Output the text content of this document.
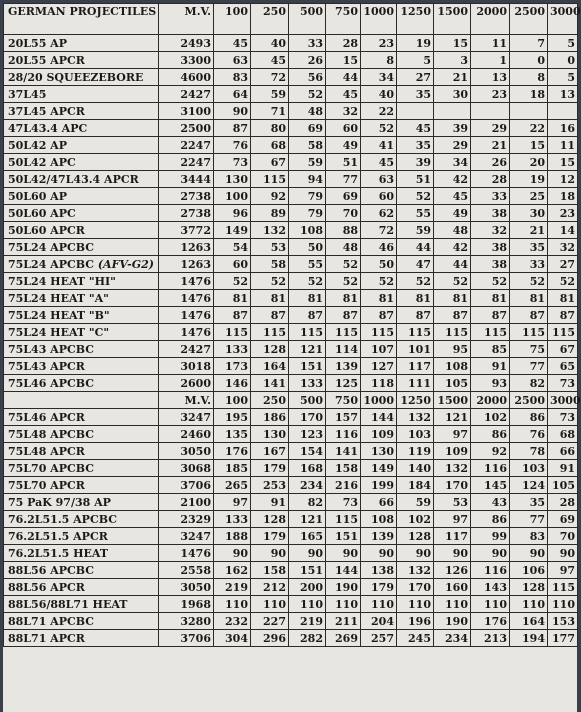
GERMAN PROJECTILES	M.V.	100	250	500	750	1000	1250	1500	2000	2500	3000
20L55 AP	2493	45	40	33	28	23	19	15	11	7	5
20L55 APCR	3300	63	45	26	15	8	5	3	1	0	0
28/20 SQUEEZEBORE	4600	83	72	56	44	34	27	21	13	8	5
37L45	2427	64	59	52	45	40	35	30	23	18	13
37L45 APCR	3100	90	71	48	32	22					
47L43.4 APC	2500	87	80	69	60	52	45	39	29	22	16
50L42 AP	2247	76	68	58	49	41	35	29	21	15	11
50L42 APC	2247	73	67	59	51	45	39	34	26	20	15
50L42/47L43.4 APCR	3444	130	115	94	77	63	51	42	28	19	12
50L60 AP	2738	100	92	79	69	60	52	45	33	25	18
50L60 APC	2738	96	89	79	70	62	55	49	38	30	23
50L60 APCR	3772	149	132	108	88	72	59	48	32	21	14
75L24 APCBC	1263	54	53	50	48	46	44	42	38	35	32
75L24 APCBC (AFV-G2)	1263	60	58	55	52	50	47	44	38	33	27
75L24 HEAT "HI"	1476	52	52	52	52	52	52	52	52	52	52
75L24 HEAT "A"	1476	81	81	81	81	81	81	81	81	81	81
75L24 HEAT "B"	1476	87	87	87	87	87	87	87	87	87	87
75L24 HEAT "C"	1476	115	115	115	115	115	115	115	115	115	115
75L43 APCBC	2427	133	128	121	114	107	101	95	85	75	67
75L43 APCR	3018	173	164	151	139	127	117	108	91	77	65
75L46 APCBC	2600	146	141	133	125	118	111	105	93	82	73
	M.V.	100	250	500	750	1000	1250	1500	2000	2500	3000
75L46 APCR	3247	195	186	170	157	144	132	121	102	86	73
75L48 APCBC	2460	135	130	123	116	109	103	97	86	76	68
75L48 APCR	3050	176	167	154	141	130	119	109	92	78	66
75L70 APCBC	3068	185	179	168	158	149	140	132	116	103	91
75L70 APCR	3706	265	253	234	216	199	184	170	145	124	105
75 PaK 97/38 AP	2100	97	91	82	73	66	59	53	43	35	28
76.2L51.5 APCBC	2329	133	128	121	115	108	102	97	86	77	69
76.2L51.5 APCR	3247	188	179	165	151	139	128	117	99	83	70
76.2L51.5 HEAT	1476	90	90	90	90	90	90	90	90	90	90
88L56 APCBC	2558	162	158	151	144	138	132	126	116	106	97
88L56 APCR	3050	219	212	200	190	179	170	160	143	128	115
88L56/88L71 HEAT	1968	110	110	110	110	110	110	110	110	110	110
88L71 APCBC	3280	232	227	219	211	204	196	190	176	164	153
88L71 APCR	3706	304	296	282	269	257	245	234	213	194	177
